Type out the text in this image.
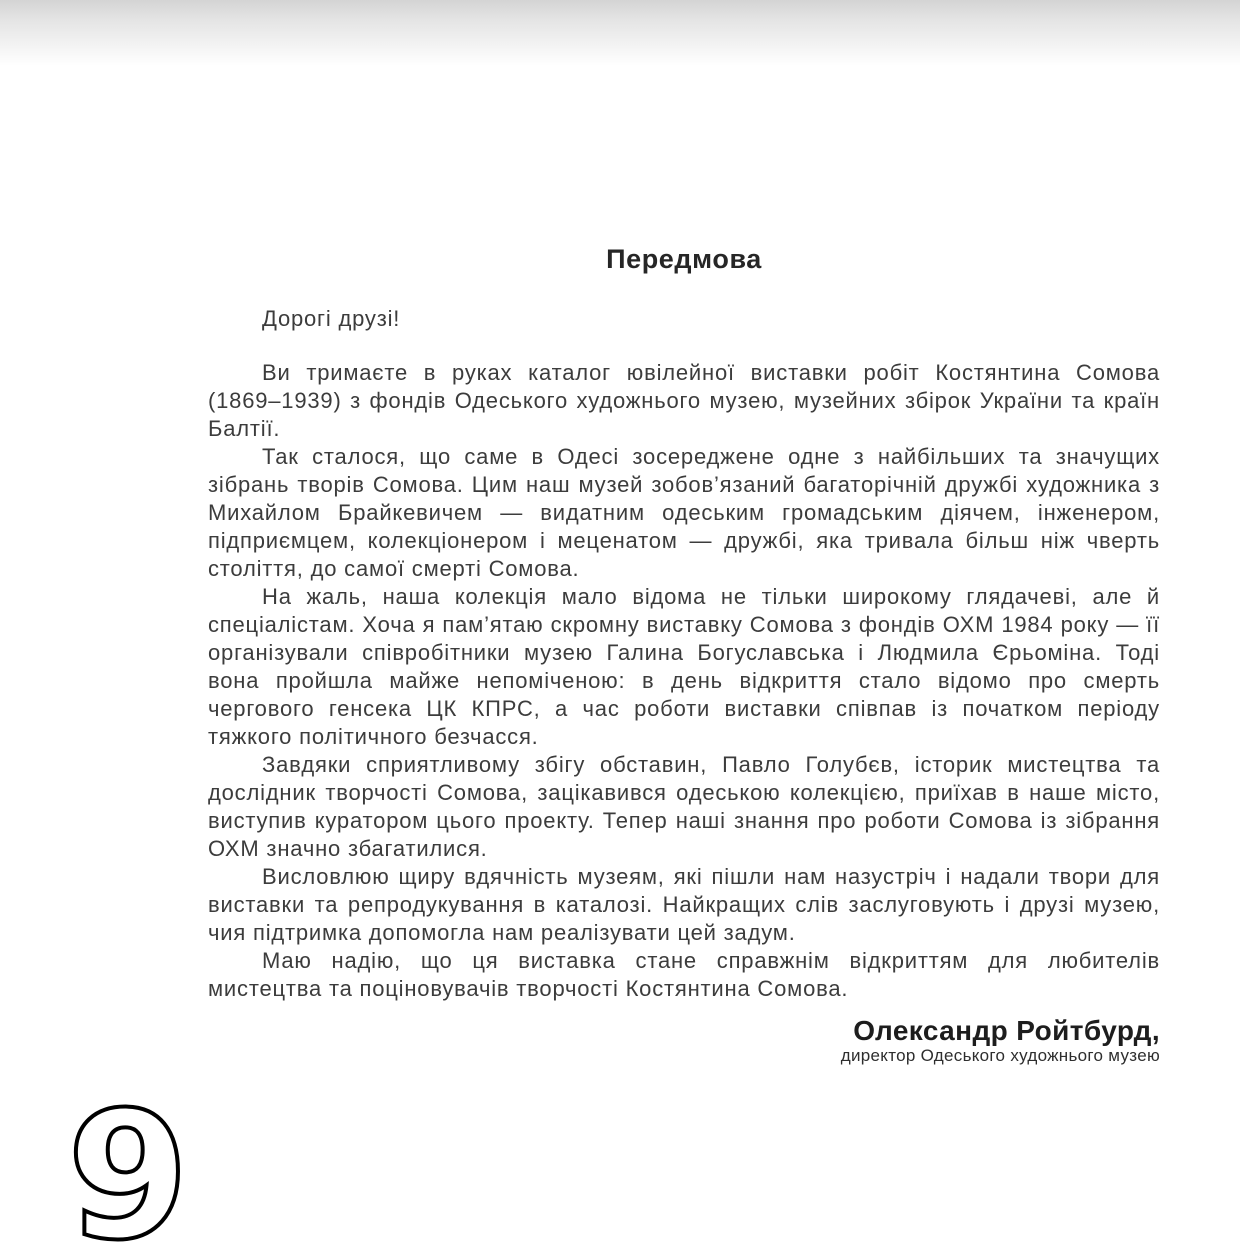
Передмова

Дорогі друзі!

Ви тримаєте в руках каталог ювілейної виставки робіт Костянтина Сомова (1869–1939) з фондів Одеського художнього музею, музейних збірок України та країн Балтії.

Так сталося, що саме в Одесі зосереджене одне з найбільших та значущих зібрань творів Сомова. Цим наш музей зобов’язаний багаторічній дружбі художника з Михайлом Брайкевичем — видатним одеським громадським діячем, інженером, підприємцем, колекціонером і меценатом — дружбі, яка тривала більш ніж чверть століття, до самої смерті Сомова.

На жаль, наша колекція мало відома не тільки широкому глядачеві, але й спеціалістам. Хоча я пам’ятаю скромну виставку Сомова з фондів ОХМ 1984 року — її організували співробітники музею Галина Богуславська і Людмила Єрьоміна. Тоді вона пройшла майже непоміченою: в день відкриття стало відомо про смерть чергового генсека ЦК КПРС, а час роботи виставки співпав із початком періоду тяжкого політичного безчасся.

Завдяки сприятливому збігу обставин, Павло Голубєв, історик мистецтва та дослідник творчості Сомова, зацікавився одеською колекцією, приїхав в наше місто, виступив куратором цього проекту. Тепер наші знання про роботи Сомова із зібрання ОХМ значно збагатилися.

Висловлюю щиру вдячність музеям, які пішли нам назустріч і надали твори для виставки та репродукування в каталозі. Найкращих слів заслуговують і друзі музею, чия підтримка допомогла нам реалізувати цей задум.

Маю надію, що ця виставка стане справжнім відкриттям для любителів мистецтва та поціновувачів творчості Костянтина Сомова.

Олександр Ройтбурд,
директор Одеського художнього музею
9
